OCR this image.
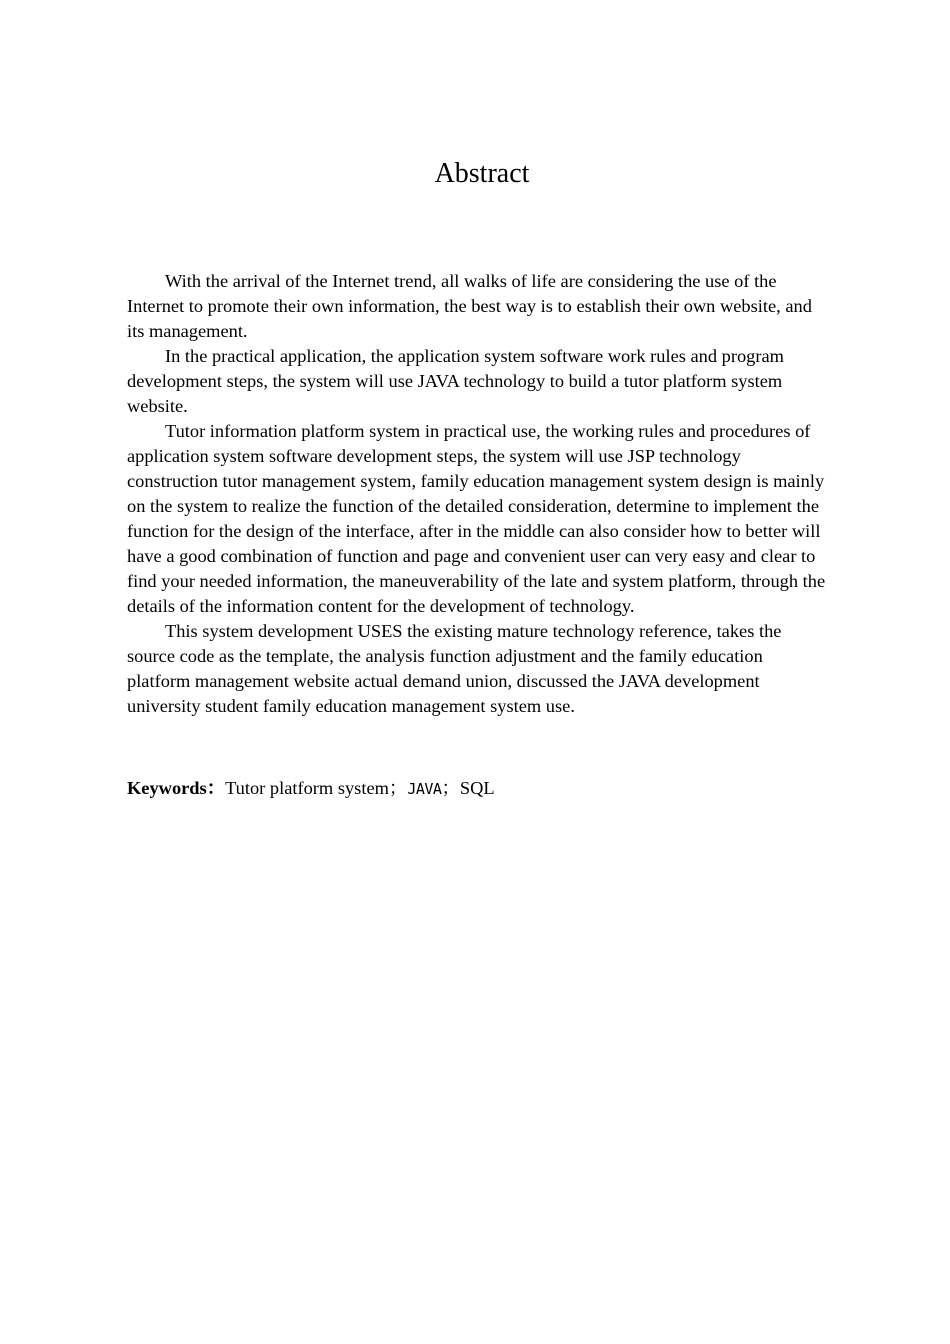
Abstract

With the arrival of the Internet trend, all walks of life are considering the use of the Internet to promote their own information, the best way is to establish their own website, and its management.

In the practical application, the application system software work rules and program development steps, the system will use JAVA technology to build a tutor platform system website.

Tutor information platform system in practical use, the working rules and procedures of application system software development steps, the system will use JSP technology construction tutor management system, family education management system design is mainly on the system to realize the function of the detailed consideration, determine to implement the function for the design of the interface, after in the middle can also consider how to better will have a good combination of function and page and convenient user can very easy and clear to find your needed information, the maneuverability of the late and system platform, through the details of the information content for the development of technology.

This system development USES the existing mature technology reference, takes the source code as the template, the analysis function adjustment and the family education platform management website actual demand union, discussed the JAVA development university student family education management system use.

Keywords：Tutor platform system；JAVA；SQL
